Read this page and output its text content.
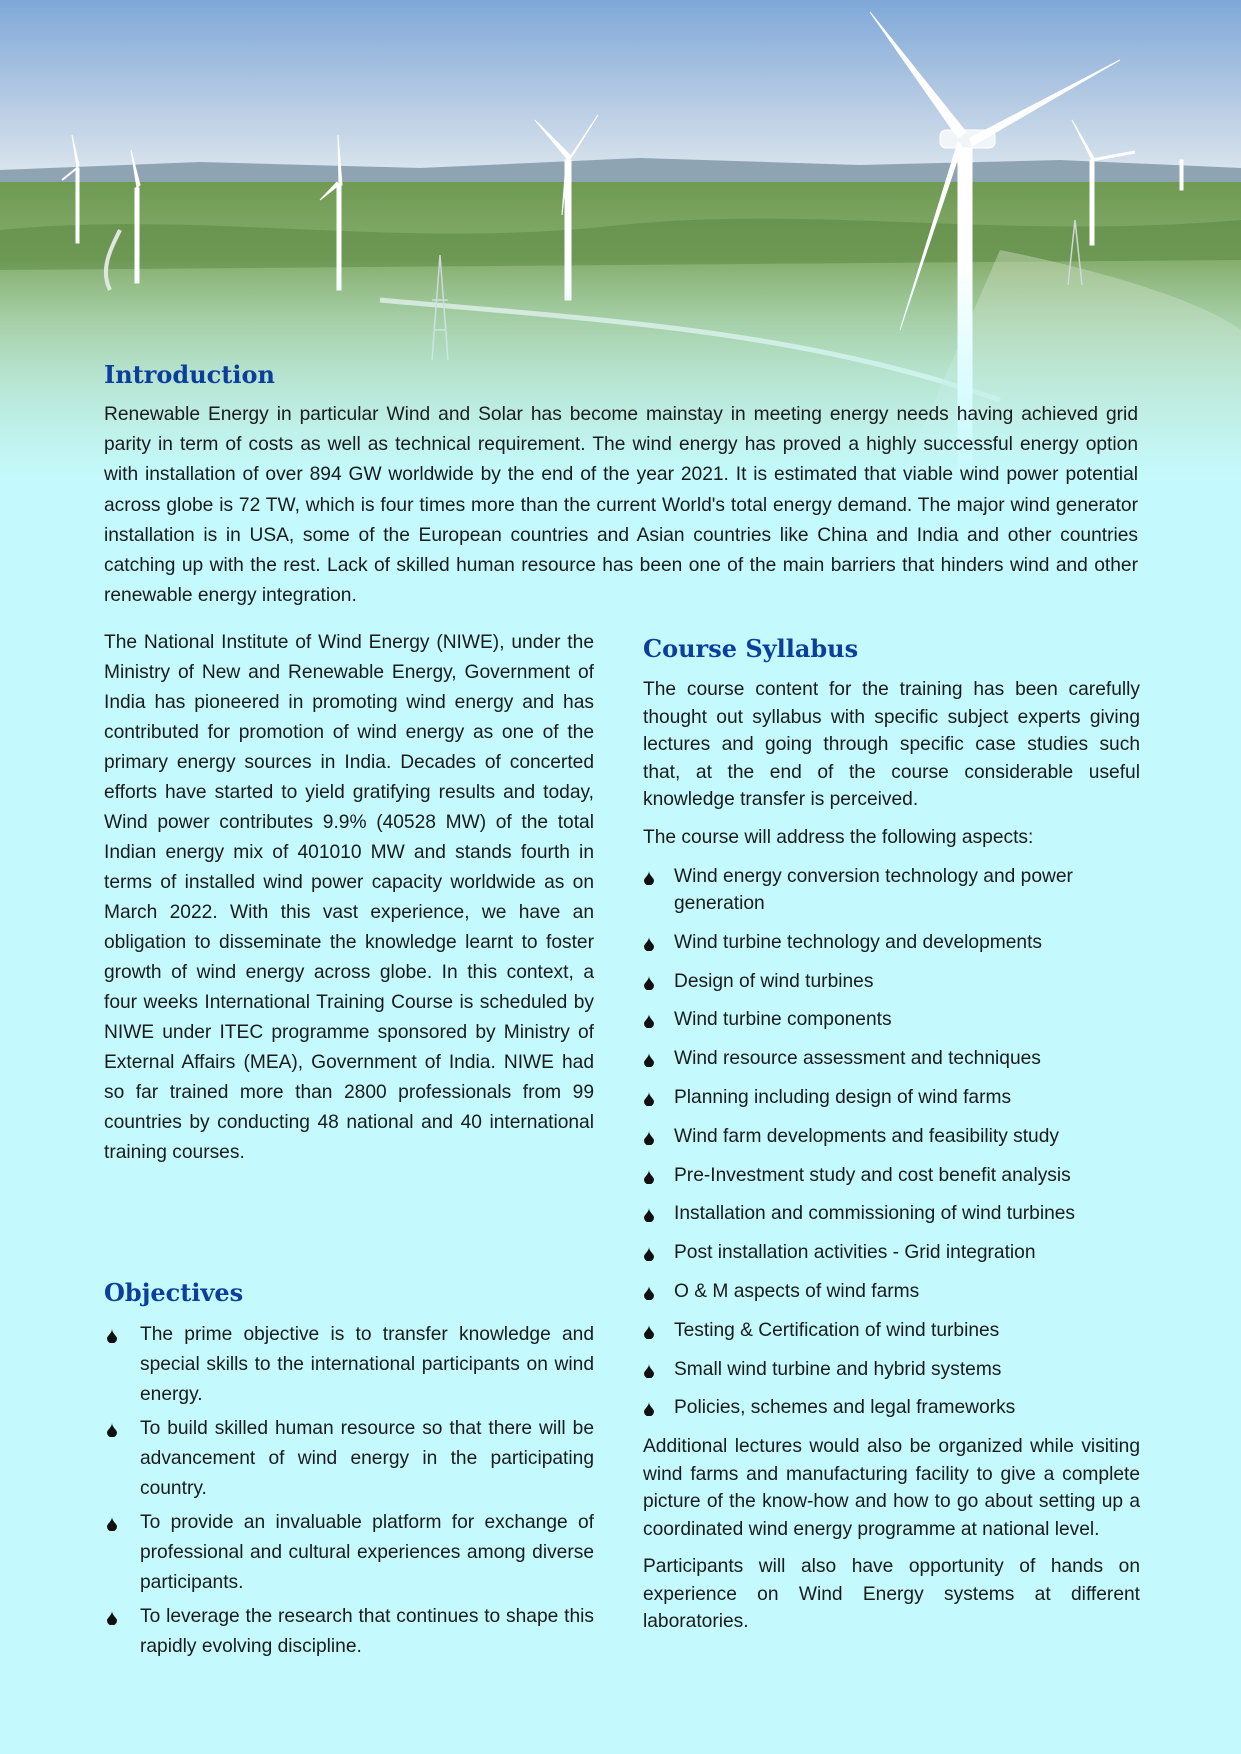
Introduction

Renewable Energy in particular Wind and Solar has become mainstay in meeting energy needs having achieved grid parity in term of costs as well as technical requirement. The wind energy has proved a highly successful energy option with installation of over 894 GW worldwide by the end of the year 2021. It is estimated that viable wind power potential across globe is 72 TW, which is four times more than the current World's total energy demand. The major wind generator installation is in USA, some of the European countries and Asian countries like China and India and other countries catching up with the rest. Lack of skilled human resource has been one of the main barriers that hinders wind and other renewable energy integration.

The National Institute of Wind Energy (NIWE), under the Ministry of New and Renewable Energy, Government of India has pioneered in promoting wind energy and has contributed for promotion of wind energy as one of the primary energy sources in India. Decades of concerted efforts have started to yield gratifying results and today, Wind power contributes 9.9% (40528 MW) of the total Indian energy mix of 401010 MW and stands fourth in terms of installed wind power capacity worldwide as on March 2022. With this vast experience, we have an obligation to disseminate the knowledge learnt to foster growth of wind energy across globe. In this context, a four weeks International Training Course is scheduled by NIWE under ITEC programme sponsored by Ministry of External Affairs (MEA), Government of India. NIWE had so far trained more than 2800 professionals from 99 countries by conducting 48 national and 40 international training courses.

Objectives
The prime objective is to transfer knowledge and special skills to the international participants on wind energy.
To build skilled human resource so that there will be advancement of wind energy in the participating country.
To provide an invaluable platform for exchange of professional and cultural experiences among diverse participants.
To leverage the research that continues to shape this rapidly evolving discipline.
Course Syllabus

The course content for the training has been carefully thought out syllabus with specific subject experts giving lectures and going through specific case studies such that, at the end of the course considerable useful knowledge transfer is perceived.

The course will address the following aspects:

Wind energy conversion technology and power generation
Wind turbine technology and developments
Design of wind turbines
Wind turbine components
Wind resource assessment and techniques
Planning including design of wind farms
Wind farm developments and feasibility study
Pre-Investment study and cost benefit analysis
Installation and commissioning of wind turbines
Post installation activities - Grid integration
O & M aspects of wind farms
Testing & Certification of wind turbines
Small wind turbine and hybrid systems
Policies, schemes and legal frameworks

Additional lectures would also be organized while visiting wind farms and manufacturing facility to give a complete picture of the know-how and how to go about setting up a coordinated wind energy programme at national level.

Participants will also have opportunity of hands on experience on Wind Energy systems at different laboratories.
